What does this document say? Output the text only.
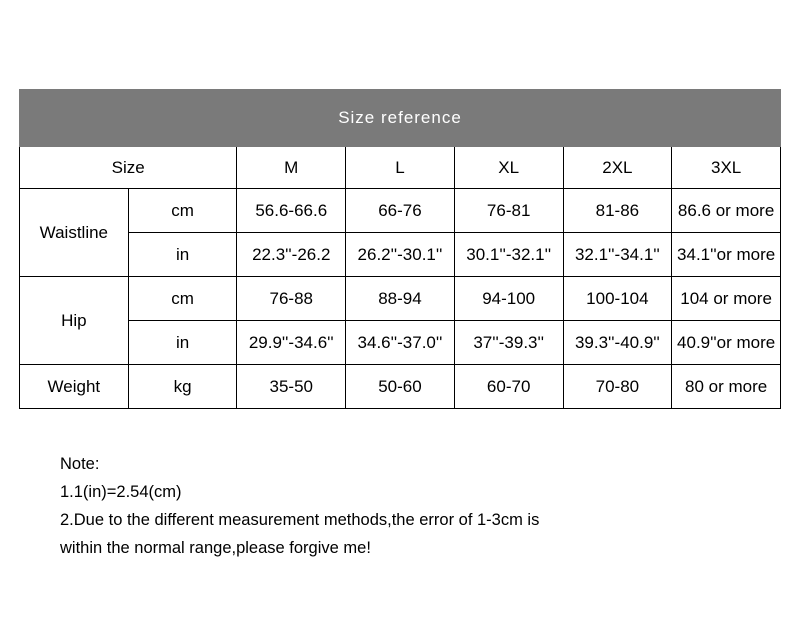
Size reference						
Size		M	L	XL	2XL	3XL
Waistline	cm	56.6-66.6	66-76	76-81	81-86	86.6 or more
	in	22.3''-26.2	26.2''-30.1''	30.1''-32.1''	32.1''-34.1''	34.1''or more
Hip	cm	76-88	88-94	94-100	100-104	104 or more
	in	29.9''-34.6''	34.6''-37.0''	37''-39.3''	39.3''-40.9''	40.9''or more
Weight	kg	35-50	50-60	60-70	70-80	80 or more
Note:
1.1(in)=2.54(cm)
2.Due to the different measurement methods,the error of 1-3cm is
within the normal range,please forgive me!
